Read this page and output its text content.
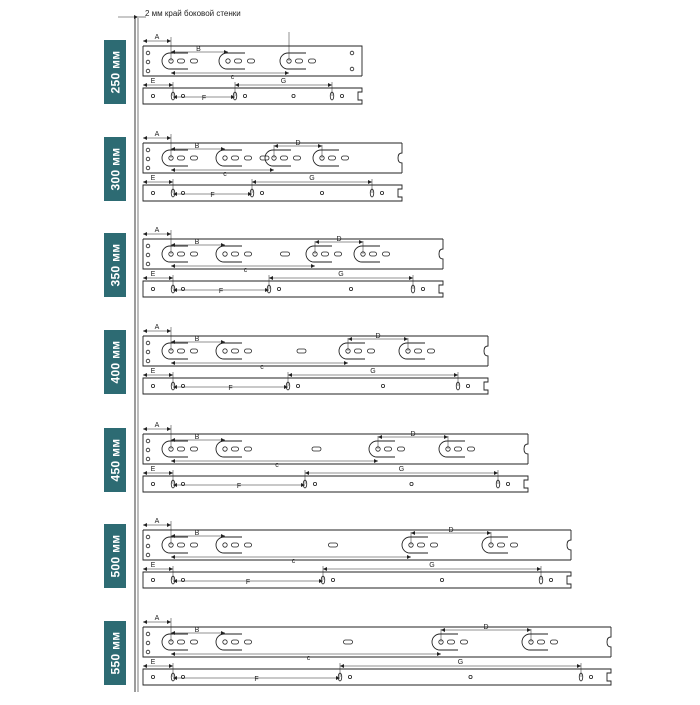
A
B
c
E
F
G
A
B
c
D
E
F
G
A
B
c
D
E
F
G
A
B
c
D
E
F
G
A
B
c
D
E
F
G
A
B
c
D
E
F
G
A
B
c
D
E
F
G
2 мм край боковой стенки
250 мм
300 мм
350 мм
400 мм
450 мм
500 мм
550 мм
